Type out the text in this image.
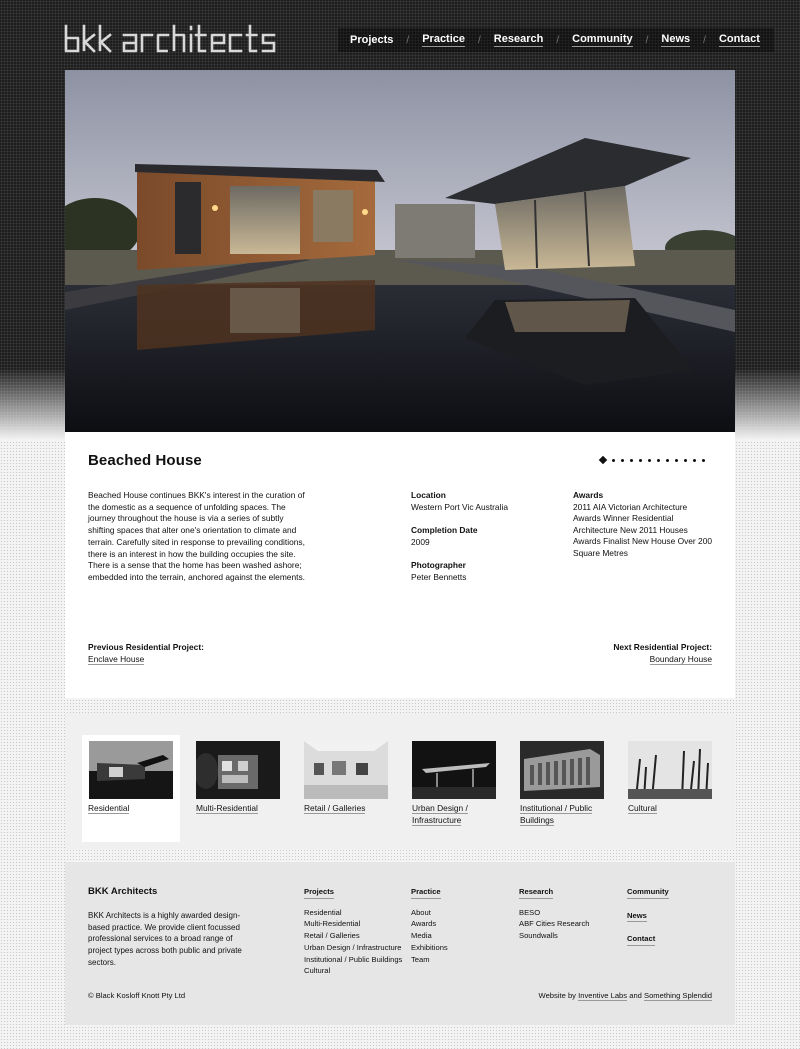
Projects / Practice / Research / Community / News / Contact
Beached House

Beached House continues BKK's interest in the curation of the domestic as a sequence of unfolding spaces. The journey throughout the house is via a series of subtly shifting spaces that alter one's orientation to climate and terrain. Carefully sited in response to prevailing conditions, there is an interest in how the building occupies the site. There is a sense that the home has been washed ashore; embedded into the terrain, anchored against the elements.

Location
Western Port Vic Australia
Completion Date
2009
Photographer
Peter Bennetts
Awards
2011 AIA Victorian Architecture Awards Winner Residential Architecture New 2011 Houses Awards Finalist New House Over 200 Square Metres
Previous Residential Project:
Enclave House
Next Residential Project:
Boundary House
Residential	Multi-Residential	Retail / Galleries	Urban Design /
Infrastructure
Institutional / Public
Buildings
Cultural
BKK Architects
BKK Architects is a highly awarded design-based practice. We provide client focussed professional services to a broad range of project types across both public and private sectors.
Projects
Residential
Multi-Residential
Retail / Galleries
Urban Design / Infrastructure
Institutional / Public Buildings
Cultural
Practice
About
Awards
Media
Exhibitions
Team
Research
BESO
ABF Cities Research
Soundwalls
Community
News
Contact
© Black Kosloff Knott Pty Ltd	Website by Inventive Labs and Something Splendid
